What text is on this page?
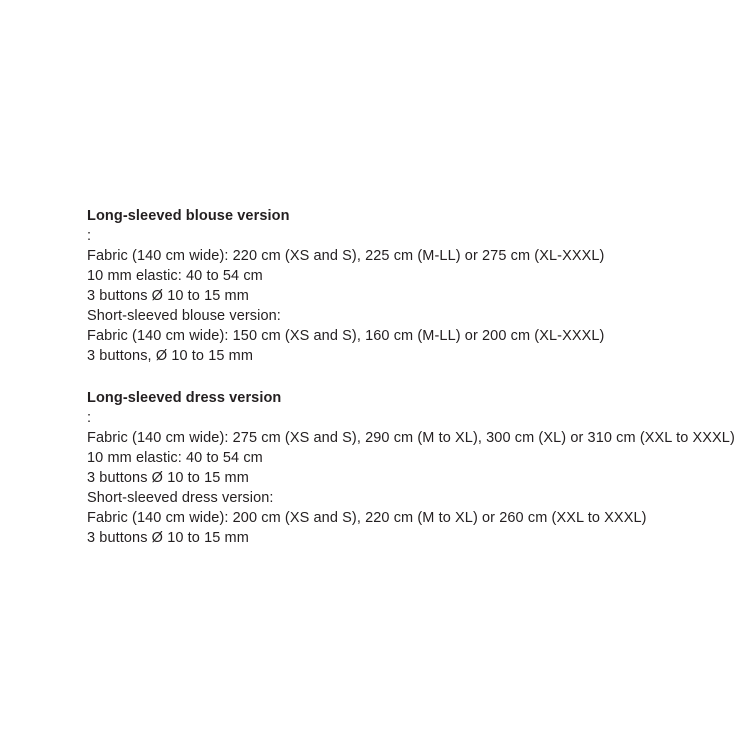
Long-sleeved blouse version

:

Fabric (140 cm wide): 220 cm (XS and S), 225 cm (M-LL) or 275 cm (XL-XXXL)

10 mm elastic: 40 to 54 cm

3 buttons Ø 10 to 15 mm

Short-sleeved blouse version:

Fabric (140 cm wide): 150 cm (XS and S), 160 cm (M-LL) or 200 cm (XL-XXXL)

3 buttons, Ø 10 to 15 mm

Long-sleeved dress version

:

Fabric (140 cm wide): 275 cm (XS and S), 290 cm (M to XL), 300 cm (XL) or 310 cm (XXL to XXXL)

10 mm elastic: 40 to 54 cm

3 buttons Ø 10 to 15 mm

Short-sleeved dress version:

Fabric (140 cm wide): 200 cm (XS and S), 220 cm (M to XL) or 260 cm (XXL to XXXL)

3 buttons Ø 10 to 15 mm
